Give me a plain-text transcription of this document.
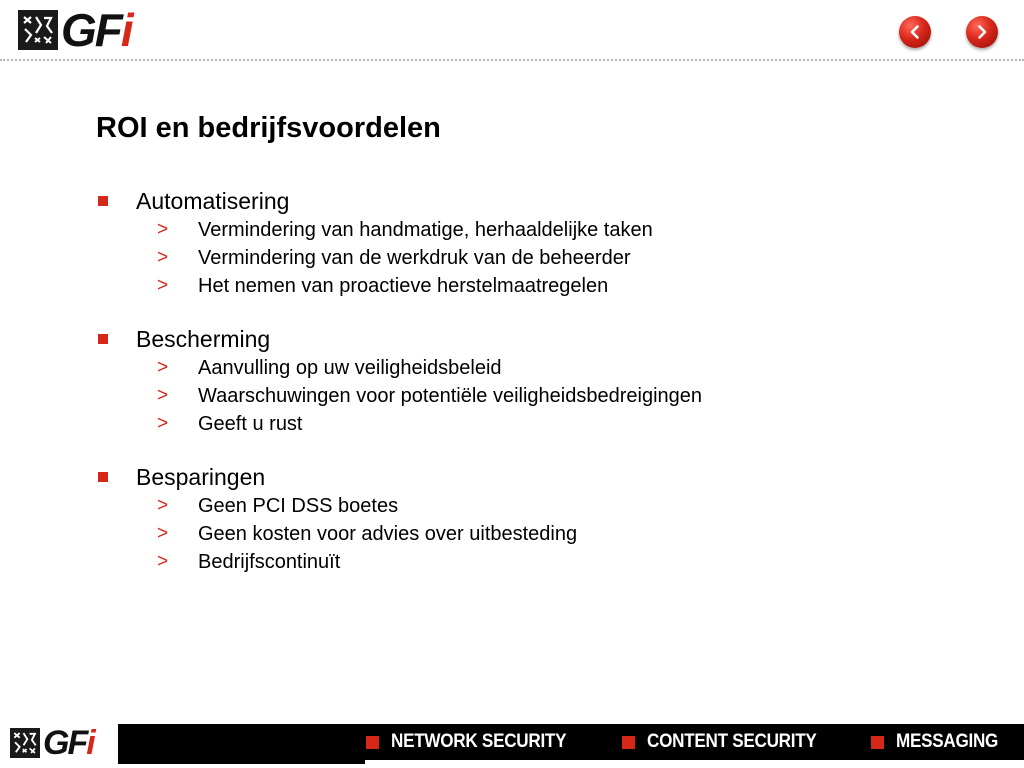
GFi
ROI en bedrijfsvoordelen
Automatisering
>	Vermindering van handmatige, herhaaldelijke taken
>	Vermindering van de werkdruk van de beheerder
>	Het nemen van proactieve herstelmaatregelen
Bescherming
>	Aanvulling op uw veiligheidsbeleid
>	Waarschuwingen voor potentiële veiligheidsbedreigingen
>	Geeft u rust
Besparingen
>	Geen PCI DSS boetes
>	Geen kosten voor advies over uitbesteding
>	Bedrijfscontinuït
GFi	NETWORK SECURITY	CONTENT SECURITY	MESSAGING
